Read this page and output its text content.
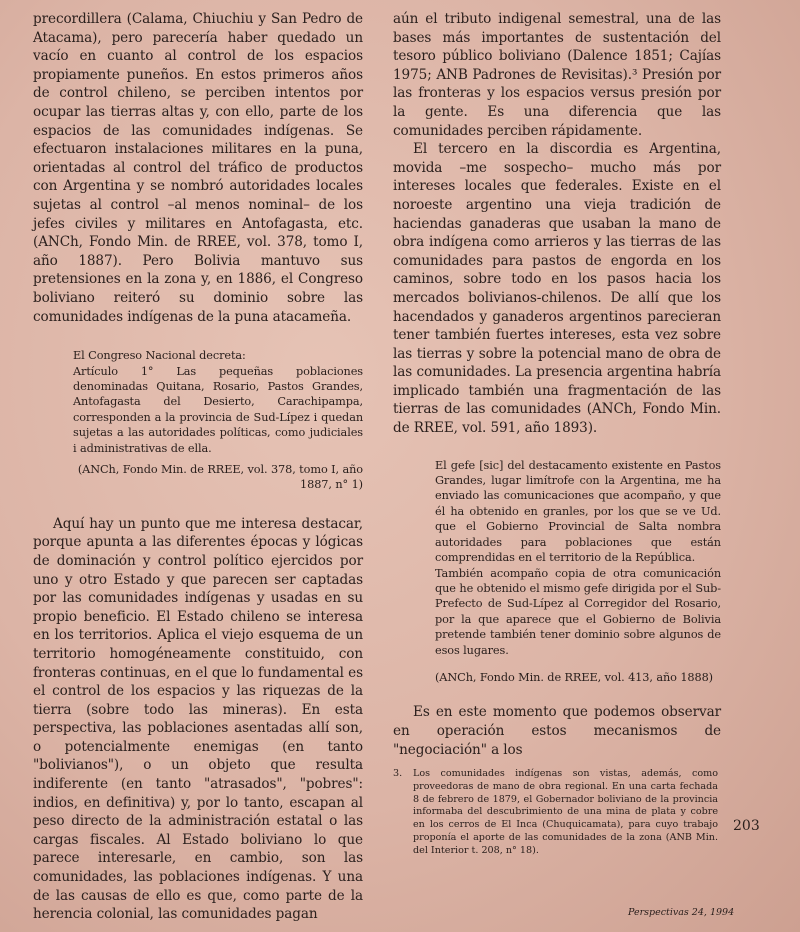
precordillera (Calama, Chiuchiu y San Pedro de Atacama), pero parecería haber quedado un vacío en cuanto al control de los espacios propiamente puneños. En estos primeros años de control chileno, se perciben intentos por ocupar las tierras altas y, con ello, parte de los espacios de las comunidades indígenas. Se efectuaron instalaciones militares en la puna, orientadas al control del tráfico de productos con Argentina y se nombró autoridades locales sujetas al control –al menos nominal– de los jefes civiles y militares en Antofagasta, etc. (ANCh, Fondo Min. de RREE, vol. 378, tomo I, año 1887). Pero Bolivia mantuvo sus pretensiones en la zona y, en 1886, el Congreso boliviano reiteró su dominio sobre las comunidades indígenas de la puna atacameña.

El Congreso Nacional decreta:

Artículo 1° Las pequeñas poblaciones denominadas Quitana, Rosario, Pastos Grandes, Antofagasta del Desierto, Carachipampa, corresponden a la provincia de Sud-Lípez i quedan sujetas a las autoridades políticas, como judiciales i administrativas de ella.

(ANCh, Fondo Min. de RREE, vol. 378, tomo I, año 1887, n° 1)

Aquí hay un punto que me interesa destacar, porque apunta a las diferentes épocas y lógicas de dominación y control político ejercidos por uno y otro Estado y que parecen ser captadas por las comunidades indígenas y usadas en su propio beneficio. El Estado chileno se interesa en los territorios. Aplica el viejo esquema de un territorio homogéneamente constituido, con fronteras continuas, en el que lo fundamental es el control de los espacios y las riquezas de la tierra (sobre todo las mineras). En esta perspectiva, las poblaciones asentadas allí son, o potencialmente enemigas (en tanto "bolivianos"), o un objeto que resulta indiferente (en tanto "atrasados", "pobres": indios, en definitiva) y, por lo tanto, escapan al peso directo de la administración estatal o las cargas fiscales. Al Estado boliviano lo que parece interesarle, en cambio, son las comunidades, las poblaciones indígenas. Y una de las causas de ello es que, como parte de la herencia colonial, las comunidades pagan

aún el tributo indigenal semestral, una de las bases más importantes de sustentación del tesoro público boliviano (Dalence 1851; Cajías 1975; ANB Padrones de Revisitas).³ Presión por las fronteras y los espacios versus presión por la gente. Es una diferencia que las comunidades perciben rápidamente.

El tercero en la discordia es Argentina, movida –me sospecho– mucho más por intereses locales que federales. Existe en el noroeste argentino una vieja tradición de haciendas ganaderas que usaban la mano de obra indígena como arrieros y las tierras de las comunidades para pastos de engorda en los caminos, sobre todo en los pasos hacia los mercados bolivianos-chilenos. De allí que los hacendados y ganaderos argentinos parecieran tener también fuertes intereses, esta vez sobre las tierras y sobre la potencial mano de obra de las comunidades. La presencia argentina habría implicado también una fragmentación de las tierras de las comunidades (ANCh, Fondo Min. de RREE, vol. 591, año 1893).

El gefe [sic] del destacamento existente en Pastos Grandes, lugar limítrofe con la Argentina, me ha enviado las comunicaciones que acompaño, y que él ha obtenido en granles, por los que se ve Ud. que el Gobierno Provincial de Salta nombra autoridades para poblaciones que están comprendidas en el territorio de la República.

También acompaño copia de otra comunicación que he obtenido el mismo gefe dirigida por el Sub-Prefecto de Sud-Lípez al Corregidor del Rosario, por la que aparece que el Gobierno de Bolivia pretende también tener dominio sobre algunos de esos lugares.

(ANCh, Fondo Min. de RREE, vol. 413, año 1888)

Es en este momento que podemos observar en operación estos mecanismos de "negociación" a los

3. Los comunidades indígenas son vistas, además, como proveedoras de mano de obra regional. En una carta fechada 8 de febrero de 1879, el Gobernador boliviano de la provincia informaba del descubrimiento de una mina de plata y cobre en los cerros de El Inca (Chuquicamata), para cuyo trabajo proponía el aporte de las comunidades de la zona (ANB Min. del Interior t. 208, n° 18).
203
Perspectivas 24, 1994
